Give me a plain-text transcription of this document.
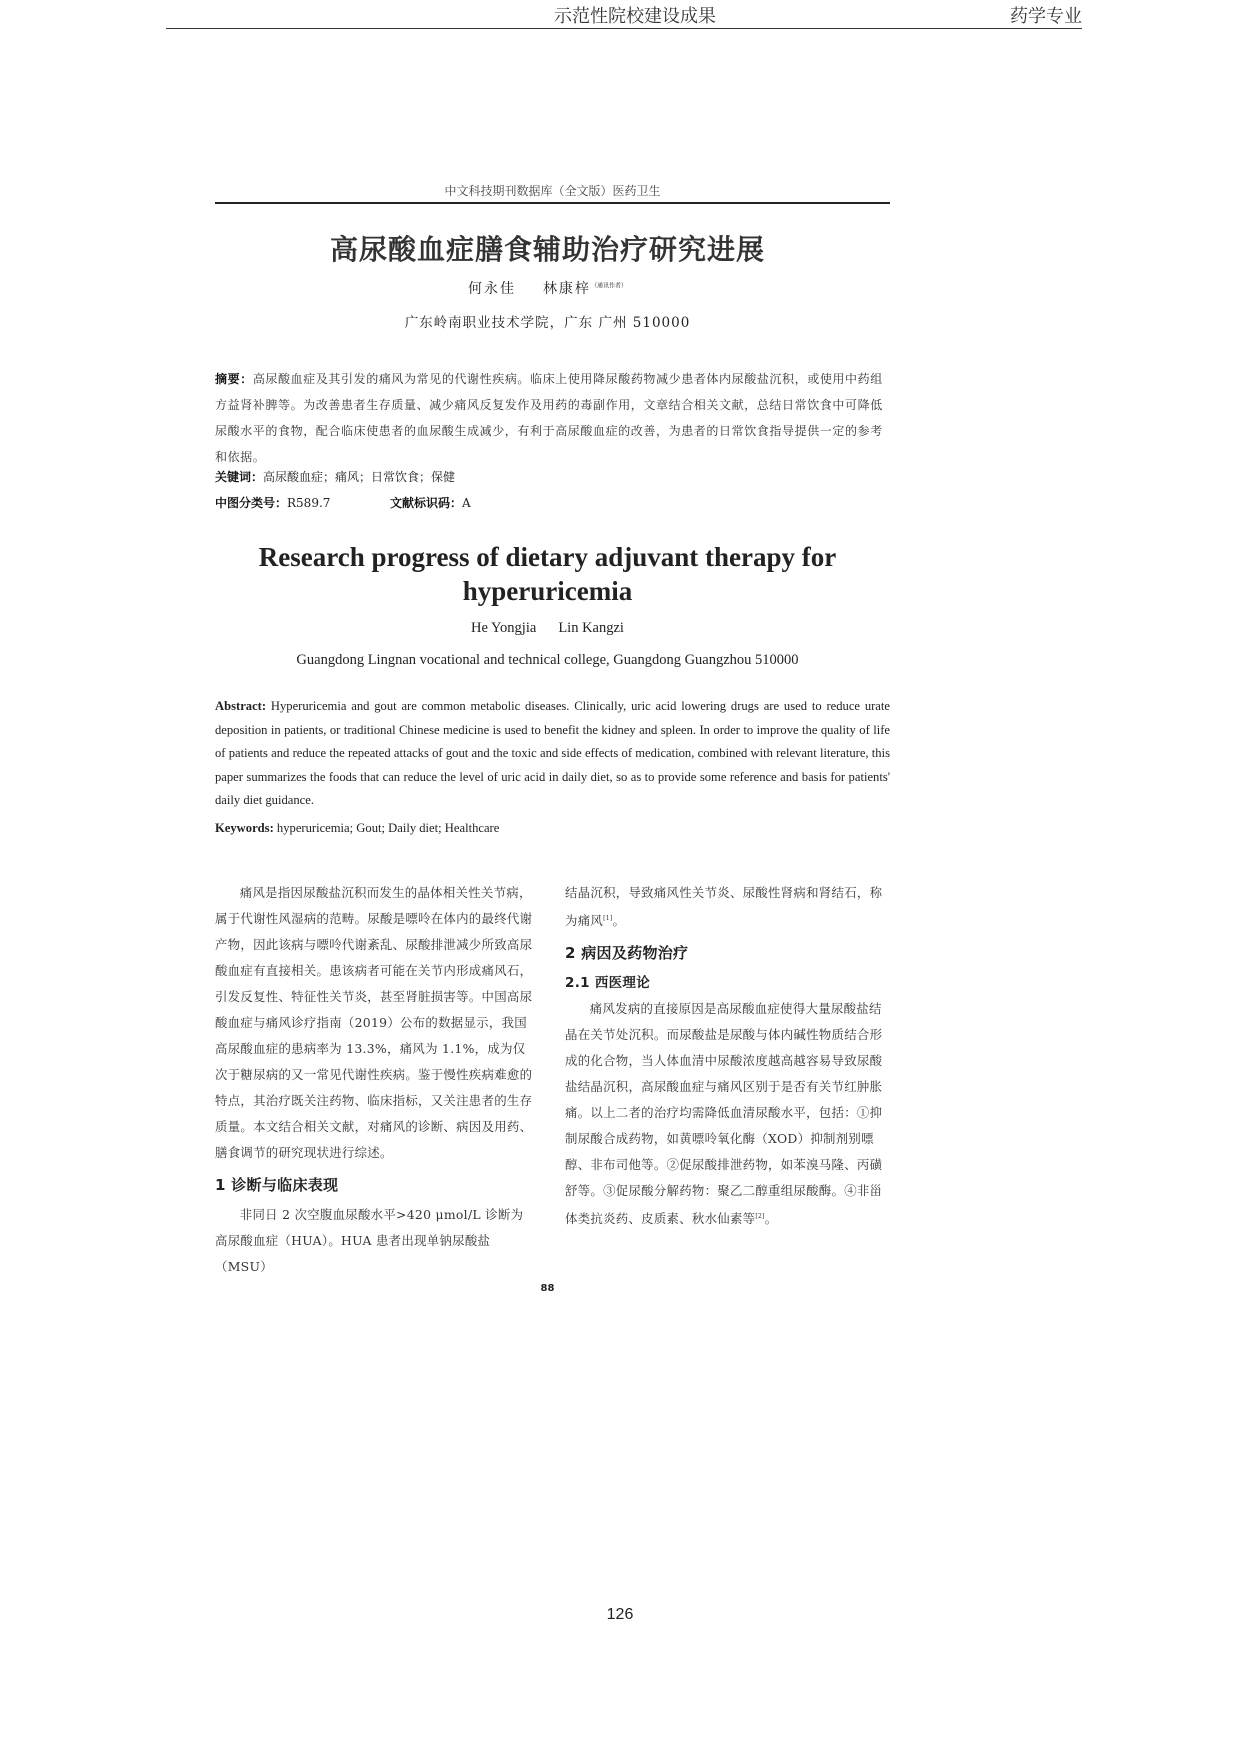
示范性院校建设成果	药学专业
中文科技期刊数据库（全文版）医药卫生
高尿酸血症膳食辅助治疗研究进展
何永佳 林康梓$^{(通讯作者)}$
广东岭南职业技术学院，广东 广州 510000
摘要：高尿酸血症及其引发的痛风为常见的代谢性疾病。临床上使用降尿酸药物减少患者体内尿酸盐沉积，或使用中药组方益肾补脾等。为改善患者生存质量、减少痛风反复发作及用药的毒副作用，文章结合相关文献，总结日常饮食中可降低尿酸水平的食物，配合临床使患者的血尿酸生成减少，有利于高尿酸血症的改善，为患者的日常饮食指导提供一定的参考和依据。
关键词：高尿酸血症；痛风；日常饮食；保健
中图分类号：R589.7	文献标识码：A
Research progress of dietary adjuvant therapy for hyperuricemia
He Yongjia Lin Kangzi
Guangdong Lingnan vocational and technical college, Guangdong Guangzhou 510000
Abstract: Hyperuricemia and gout are common metabolic diseases. Clinically, uric acid lowering drugs are used to reduce urate deposition in patients, or traditional Chinese medicine is used to benefit the kidney and spleen. In order to improve the quality of life of patients and reduce the repeated attacks of gout and the toxic and side effects of medication, combined with relevant literature, this paper summarizes the foods that can reduce the level of uric acid in daily diet, so as to provide some reference and basis for patients' daily diet guidance.
Keywords: hyperuricemia; Gout; Daily diet; Healthcare

痛风是指因尿酸盐沉积而发生的晶体相关性关节病，属于代谢性风湿病的范畴。尿酸是嘌呤在体内的最终代谢产物，因此该病与嘌呤代谢紊乱、尿酸排泄减少所致高尿酸血症有直接相关。患该病者可能在关节内形成痛风石，引发反复性、特征性关节炎，甚至肾脏损害等。中国高尿酸血症与痛风诊疗指南（2019）公布的数据显示，我国高尿酸血症的患病率为 13.3%，痛风为 1.1%，成为仅次于糖尿病的又一常见代谢性疾病。鉴于慢性疾病难愈的特点，其治疗既关注药物、临床指标，又关注患者的生存质量。本文结合相关文献，对痛风的诊断、病因及用药、膳食调节的研究现状进行综述。

1 诊断与临床表现

非同日 2 次空腹血尿酸水平>420 μmol/L 诊断为高尿酸血症（HUA）。HUA 患者出现单钠尿酸盐（MSU）

结晶沉积，导致痛风性关节炎、尿酸性肾病和肾结石，称为痛风[1]。

2 病因及药物治疗
2.1 西医理论

痛风发病的直接原因是高尿酸血症使得大量尿酸盐结晶在关节处沉积。而尿酸盐是尿酸与体内碱性物质结合形成的化合物，当人体血清中尿酸浓度越高越容易导致尿酸盐结晶沉积，高尿酸血症与痛风区别于是否有关节红肿胀痛。以上二者的治疗均需降低血清尿酸水平，包括：①抑制尿酸合成药物，如黄嘌呤氧化酶（XOD）抑制剂别嘌醇、非布司他等。②促尿酸排泄药物，如苯溴马隆、丙磺舒等。③促尿酸分解药物：聚乙二醇重组尿酸酶。④非甾体类抗炎药、皮质素、秋水仙素等[2]。

88
126
